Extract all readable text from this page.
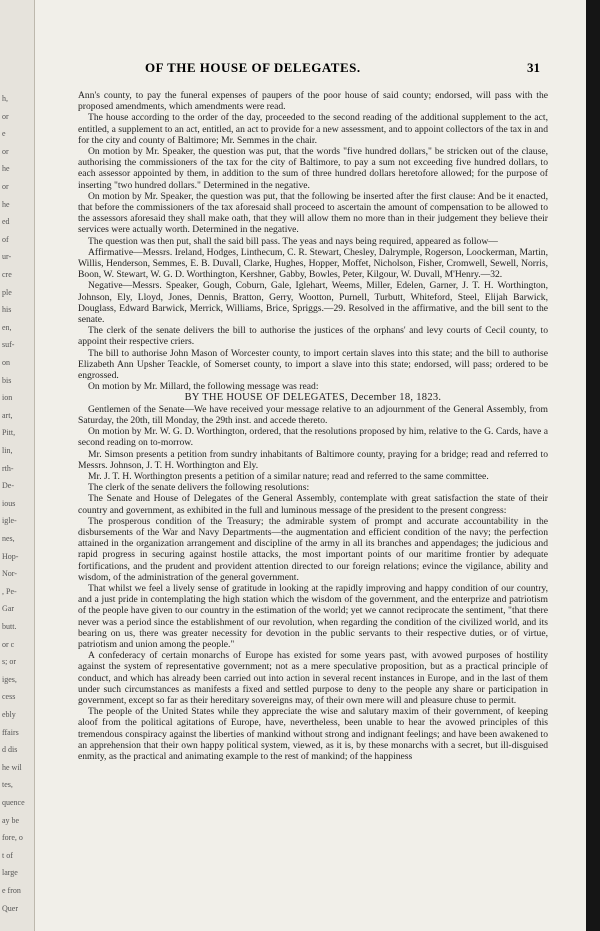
h,
or
e
or
he
or
he
ed
of
ur-
cre
ple
his
en,
suf-
on
bis
ion
art,
Pitt,
lin,
rth-
De-
ious
igle-
nes,
Hop-
Nor-
, Pe-
Gar
butt.
or c
s; or
iges,
cess
ebly
ffairs
d dis
he wil
tes,
quence
ay be
fore, o
t of
large
e fron
Quer
OF THE HOUSE OF DELEGATES.	31

Ann's county, to pay the funeral expenses of paupers of the poor house of said county; endorsed, will pass with the proposed amendments, which amendments were read.

The house according to the order of the day, proceeded to the second reading of the additional supplement to the act, entitled, a supplement to an act, entitled, an act to provide for a new assessment, and to appoint collectors of the tax in and for the city and county of Baltimore; Mr. Semmes in the chair.

On motion by Mr. Speaker, the question was put, that the words "five hundred dollars," be stricken out of the clause, authorising the commissioners of the tax for the city of Baltimore, to pay a sum not exceeding five hundred dollars, to each assessor appointed by them, in addition to the sum of three hundred dollars heretofore allowed; for the purpose of inserting "two hundred dollars." Determined in the negative.

On motion by Mr. Speaker, the question was put, that the following be inserted after the first clause: And be it enacted, that before the commissioners of the tax aforesaid shall proceed to ascertain the amount of compensation to be allowed to the assessors aforesaid they shall make oath, that they will allow them no more than in their judgement they believe their services were actually worth. Determined in the negative.

The question was then put, shall the said bill pass. The yeas and nays being required, appeared as follow—

Affirmative—Messrs. Ireland, Hodges, Linthecum, C. R. Stewart, Chesley, Dalrymple, Rogerson, Loockerman, Martin, Willis, Henderson, Semmes, E. B. Duvall, Clarke, Hughes, Hopper, Moffet, Nicholson, Fisher, Cromwell, Sewell, Norris, Boon, W. Stewart, W. G. D. Worthington, Kershner, Gabby, Bowles, Peter, Kilgour, W. Duvall, M'Henry.—32.

Negative—Messrs. Speaker, Gough, Coburn, Gale, Iglehart, Weems, Miller, Edelen, Garner, J. T. H. Worthington, Johnson, Ely, Lloyd, Jones, Dennis, Bratton, Gerry, Wootton, Purnell, Turbutt, Whiteford, Steel, Elijah Barwick, Douglass, Edward Barwick, Merrick, Williams, Brice, Spriggs.—29. Resolved in the affirmative, and the bill sent to the senate.

The clerk of the senate delivers the bill to authorise the justices of the orphans' and levy courts of Cecil county, to appoint their respective criers.

The bill to authorise John Mason of Worcester county, to import certain slaves into this state; and the bill to authorise Elizabeth Ann Upsher Teackle, of Somerset county, to import a slave into this state; endorsed, will pass; ordered to be engrossed.

On motion by Mr. Millard, the following message was read:

BY THE HOUSE OF DELEGATES, December 18, 1823.

Gentlemen of the Senate—We have received your message relative to an adjournment of the General Assembly, from Saturday, the 20th, till Monday, the 29th inst. and accede thereto.

On motion by Mr. W. G. D. Worthington, ordered, that the resolutions proposed by him, relative to the G. Cards, have a second reading on to-morrow.

Mr. Simson presents a petition from sundry inhabitants of Baltimore county, praying for a bridge; read and referred to Messrs. Johnson, J. T. H. Worthington and Ely.

Mr. J. T. H. Worthington presents a petition of a similar nature; read and referred to the same committee.

The clerk of the senate delivers the following resolutions:

The Senate and House of Delegates of the General Assembly, contemplate with great satisfaction the state of their country and government, as exhibited in the full and luminous message of the president to the present congress:

The prosperous condition of the Treasury; the admirable system of prompt and accurate accountability in the disbursements of the War and Navy Departments—the augmentation and efficient condition of the navy; the perfection attained in the organization arrangement and discipline of the army in all its branches and appendages; the judicious and rapid progress in securing against hostile attacks, the most important points of our maritime frontier by adequate fortifications, and the prudent and provident attention directed to our foreign relations; evince the vigilance, ability and wisdom, of the administration of the general government.

That whilst we feel a lively sense of gratitude in looking at the rapidly improving and happy condition of our country, and a just pride in contemplating the high station which the wisdom of the government, and the enterprize and patriotism of the people have given to our country in the estimation of the world; yet we cannot reciprocate the sentiment, "that there never was a period since the establishment of our revolution, when regarding the condition of the civilized world, and its bearing on us, there was greater necessity for devotion in the public servants to their respective duties, or of virtue, patriotism and union among the people."

A confederacy of certain monarchs of Europe has existed for some years past, with avowed purposes of hostility against the system of representative government; not as a mere speculative proposition, but as a practical principle of conduct, and which has already been carried out into action in several recent instances in Europe, and in the last of them under such circumstances as manifests a fixed and settled purpose to deny to the people any share or participation in government, except so far as their hereditary sovereigns may, of their own mere will and pleasure chuse to permit.

The people of the United States while they appreciate the wise and salutary maxim of their government, of keeping aloof from the political agitations of Europe, have, nevertheless, been unable to hear the avowed principles of this tremendous conspiracy against the liberties of mankind without strong and indignant feelings; and have been awakened to an apprehension that their own happy political system, viewed, as it is, by these monarchs with a secret, but ill-disguised enmity, as the practical and animating example to the rest of mankind; of the happiness
